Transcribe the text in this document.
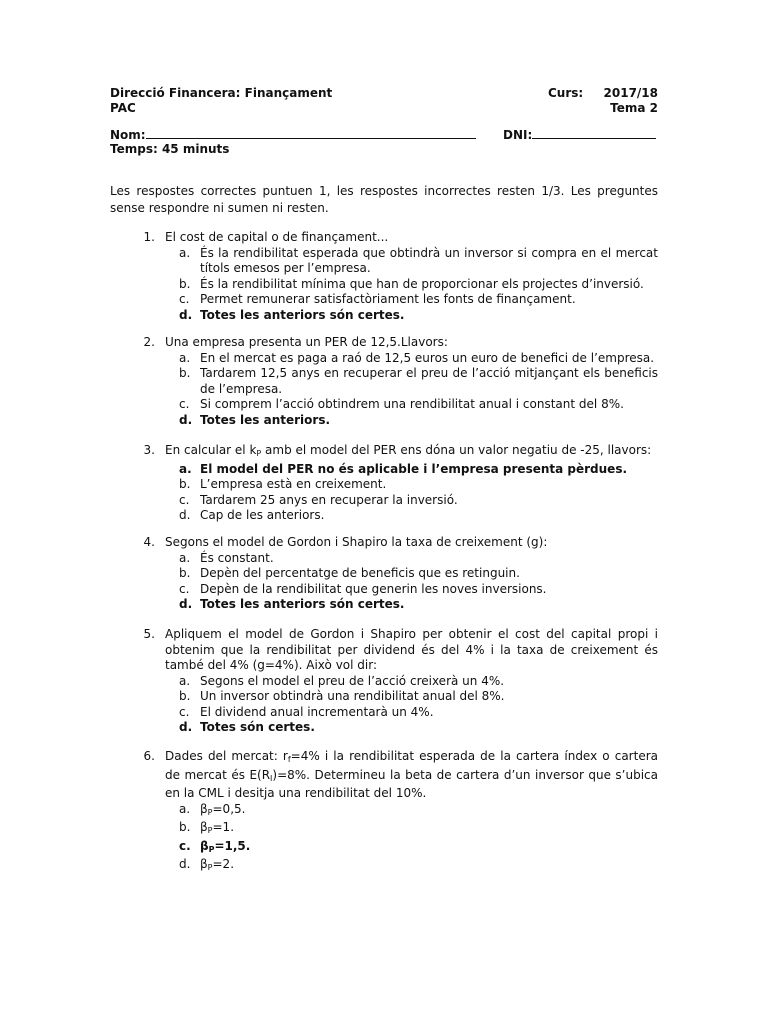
Direcció Financera: Finançament
PAC
Curs: 2017/18
Tema 2
Nom:	DNI:
Temps: 45 minuts
Les respostes correctes puntuen 1, les respostes incorrectes resten 1/3. Les preguntes sense respondre ni sumen ni resten.
1. El cost de capital o de finançament...
a. És la rendibilitat esperada que obtindrà un inversor si compra en el mercat títols emesos per l’empresa.
b. És la rendibilitat mínima que han de proporcionar els projectes d’inversió.
c. Permet remunerar satisfactòriament les fonts de finançament.
d. Totes les anteriors són certes.
2. Una empresa presenta un PER de 12,5.Llavors:
a. En el mercat es paga a raó de 12,5 euros un euro de benefici de l’empresa.
b. Tardarem 12,5 anys en recuperar el preu de l’acció mitjançant els beneficis de l’empresa.
c. Si comprem l’acció obtindrem una rendibilitat anual i constant del 8%.
d. Totes les anteriors.
3. En calcular el $k_P$ amb el model del PER ens dóna un valor negatiu de -25, llavors:
a. El model del PER no és aplicable i l’empresa presenta pèrdues.
b. L’empresa està en creixement.
c. Tardarem 25 anys en recuperar la inversió.
d. Cap de les anteriors.
4. Segons el model de Gordon i Shapiro la taxa de creixement (g):
a. És constant.
b. Depèn del percentatge de beneficis que es retinguin.
c. Depèn de la rendibilitat que generin les noves inversions.
d. Totes les anteriors són certes.
5. Apliquem el model de Gordon i Shapiro per obtenir el cost del capital propi i obtenim que la rendibilitat per dividend és del 4% i la taxa de creixement és també del 4% (g=4%). Això vol dir:
a. Segons el model el preu de l’acció creixerà un 4%.
b. Un inversor obtindrà una rendibilitat anual del 8%.
c. El dividend anual incrementarà un 4%.
d. Totes són certes.
6. Dades del mercat: $r_f=4\%$ i la rendibilitat esperada de la cartera índex o cartera de mercat és $E(R_I)=8\%$. Determineu la beta de cartera d’un inversor que s’ubica en la CML i desitja una rendibilitat del 10%.
a. $\beta_P=0,5$.
b. $\beta_P=1$.
c. $\beta_P=1,5$.
d. $\beta_P=2$.
